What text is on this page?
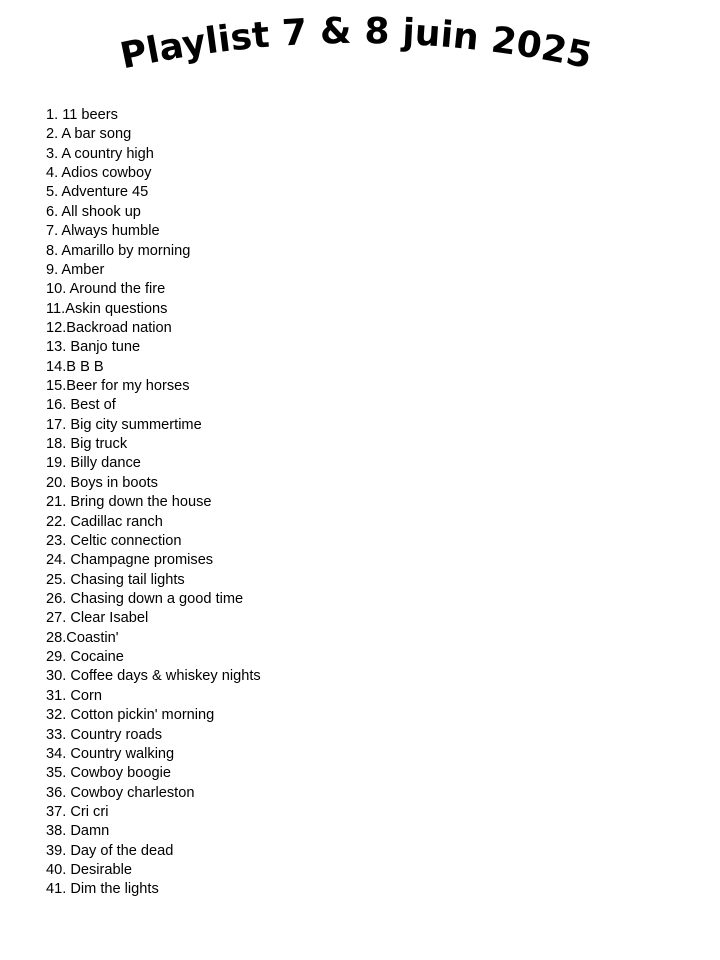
Playlist 7 & 8 juin 2025
1. 11 beers
2. A bar song
3. A country high
4. Adios cowboy
5. Adventure 45
6. All shook up
7. Always humble
8. Amarillo by morning
9. Amber
10. Around the fire
11.Askin questions
12.Backroad nation
13. Banjo tune
14.B B B
15.Beer for my horses
16. Best of
17. Big city summertime
18. Big truck
19. Billy dance
20. Boys in boots
21. Bring down the house
22. Cadillac ranch
23. Celtic connection
24. Champagne promises
25. Chasing tail lights
26. Chasing down a good time
27. Clear Isabel
28.Coastin'
29. Cocaine
30. Coffee days & whiskey nights
31. Corn
32. Cotton pickin' morning
33. Country roads
34. Country walking
35. Cowboy boogie
36. Cowboy charleston
37. Cri cri
38. Damn
39. Day of the dead
40. Desirable
41. Dim the lights
